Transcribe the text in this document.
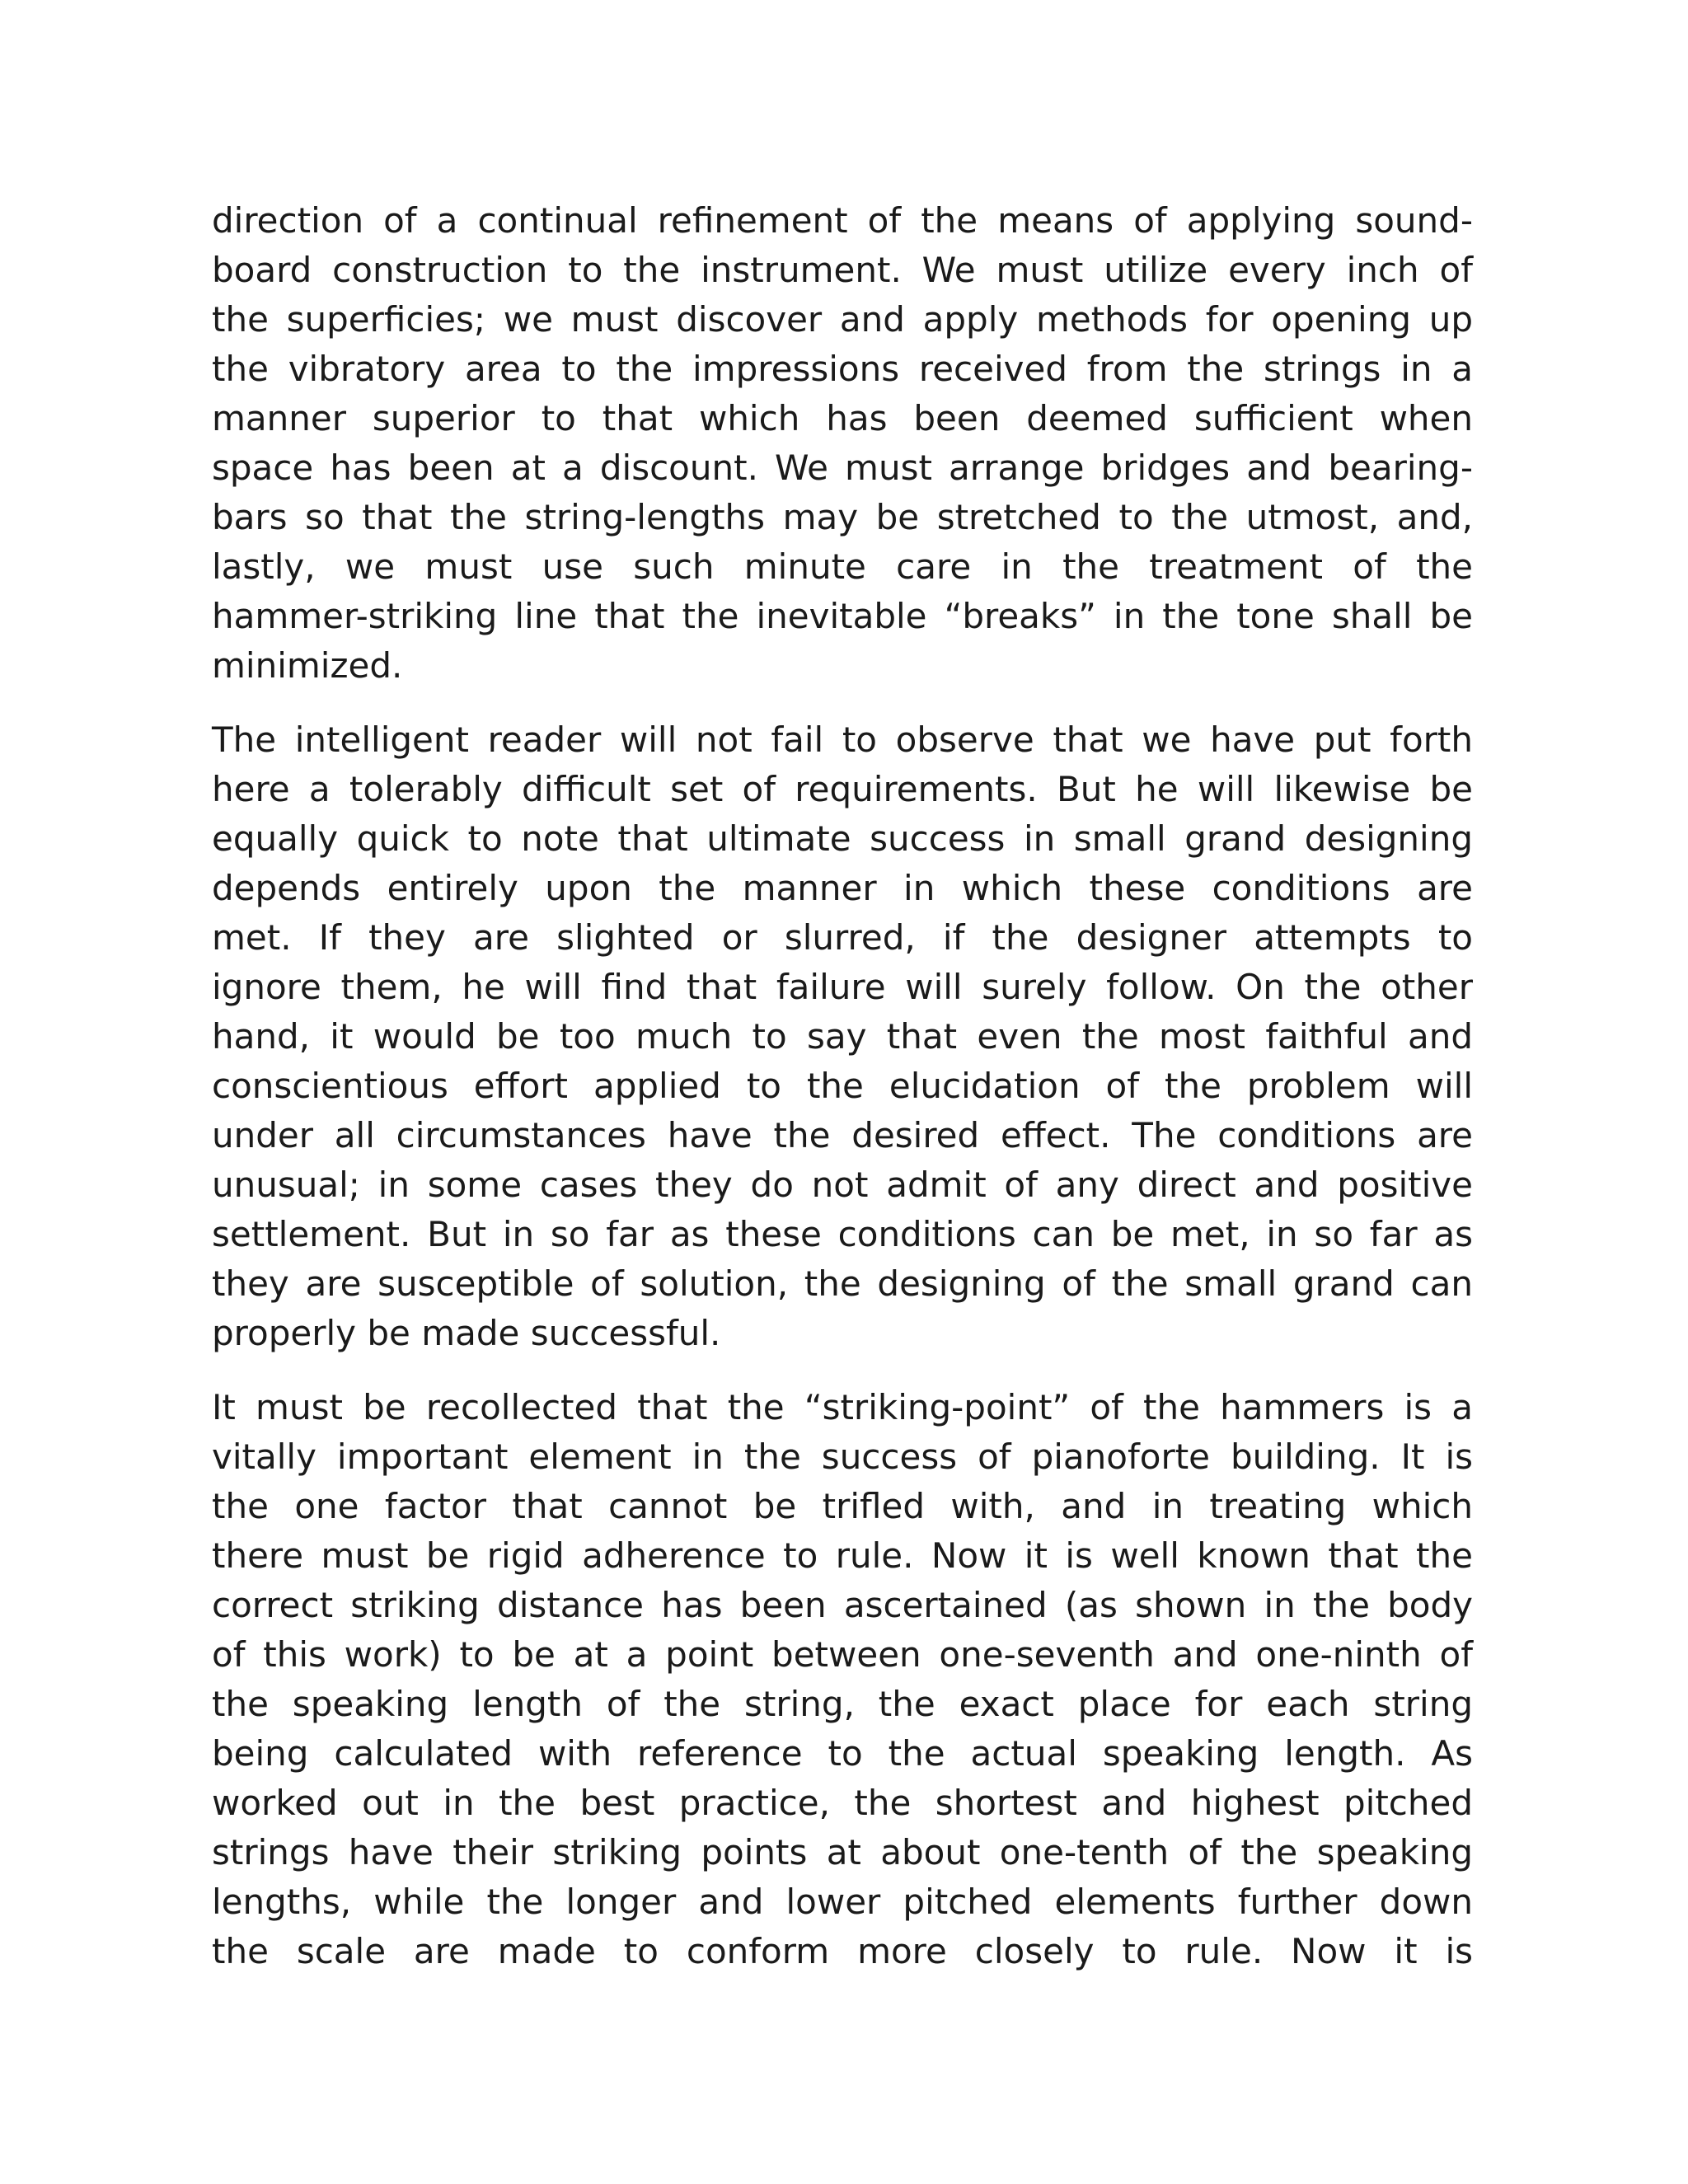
direction of a continual refinement of the means of applying sound-
board construction to the instrument. We must utilize every inch of
the superficies; we must discover and apply methods for opening up
the vibratory area to the impressions received from the strings in a
manner superior to that which has been deemed sufficient when
space has been at a discount. We must arrange bridges and bearing-
bars so that the string-lengths may be stretched to the utmost, and,
lastly, we must use such minute care in the treatment of the
hammer-striking line that the inevitable “breaks” in the tone shall be
minimized.
The intelligent reader will not fail to observe that we have put forth
here a tolerably difficult set of requirements. But he will likewise be
equally quick to note that ultimate success in small grand designing
depends entirely upon the manner in which these conditions are
met. If they are slighted or slurred, if the designer attempts to
ignore them, he will find that failure will surely follow. On the other
hand, it would be too much to say that even the most faithful and
conscientious effort applied to the elucidation of the problem will
under all circumstances have the desired effect. The conditions are
unusual; in some cases they do not admit of any direct and positive
settlement. But in so far as these conditions can be met, in so far as
they are susceptible of solution, the designing of the small grand can
properly be made successful.
It must be recollected that the “striking-point” of the hammers is a
vitally important element in the success of pianoforte building. It is
the one factor that cannot be trifled with, and in treating which
there must be rigid adherence to rule. Now it is well known that the
correct striking distance has been ascertained (as shown in the body
of this work) to be at a point between one-seventh and one-ninth of
the speaking length of the string, the exact place for each string
being calculated with reference to the actual speaking length. As
worked out in the best practice, the shortest and highest pitched
strings have their striking points at about one-tenth of the speaking
lengths, while the longer and lower pitched elements further down
the scale are made to conform more closely to rule. Now it is
